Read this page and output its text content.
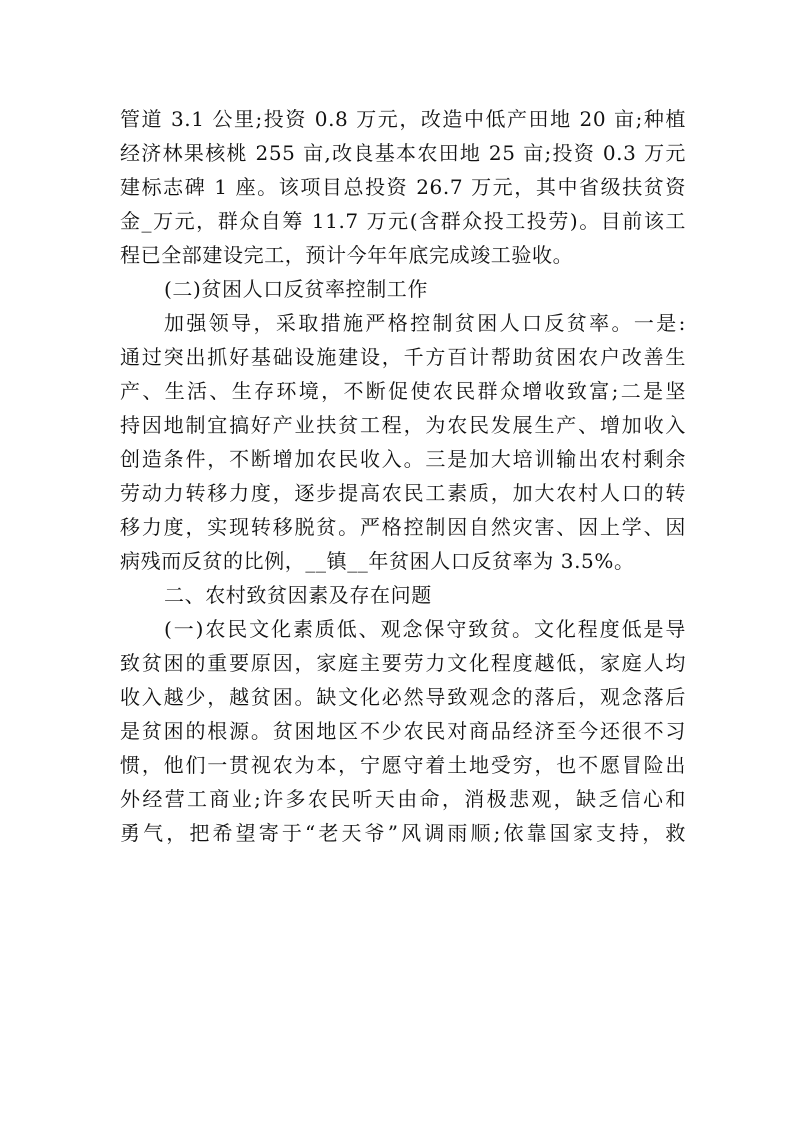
管道 3.1 公里;投资 0.8 万元，改造中低产田地 20 亩;种植
经济林果核桃 255 亩,改良基本农田地 25 亩;投资 0.3 万元
建标志碑 1 座。该项目总投资 26.7 万元，其中省级扶贫资
金_万元，群众自筹 11.7 万元(含群众投工投劳)。目前该工
程已全部建设完工，预计今年年底完成竣工验收。
(二)贫困人口反贫率控制工作
加强领导，采取措施严格控制贫困人口反贫率。一是:
通过突出抓好基础设施建设，千方百计帮助贫困农户改善生
产、生活、生存环境，不断促使农民群众增收致富;二是坚
持因地制宜搞好产业扶贫工程，为农民发展生产、增加收入
创造条件，不断增加农民收入。三是加大培训输出农村剩余
劳动力转移力度，逐步提高农民工素质，加大农村人口的转
移力度，实现转移脱贫。严格控制因自然灾害、因上学、因
病残而反贫的比例，__镇__年贫困人口反贫率为 3.5%。
二、农村致贫因素及存在问题
(一)农民文化素质低、观念保守致贫。文化程度低是导
致贫困的重要原因，家庭主要劳力文化程度越低，家庭人均
收入越少，越贫困。缺文化必然导致观念的落后，观念落后
是贫困的根源。贫困地区不少农民对商品经济至今还很不习
惯，他们一贯视农为本，宁愿守着土地受穷，也不愿冒险出
外经营工商业;许多农民听天由命，消极悲观，缺乏信心和
勇气，把希望寄于“老天爷”风调雨顺;依靠国家支持，救
